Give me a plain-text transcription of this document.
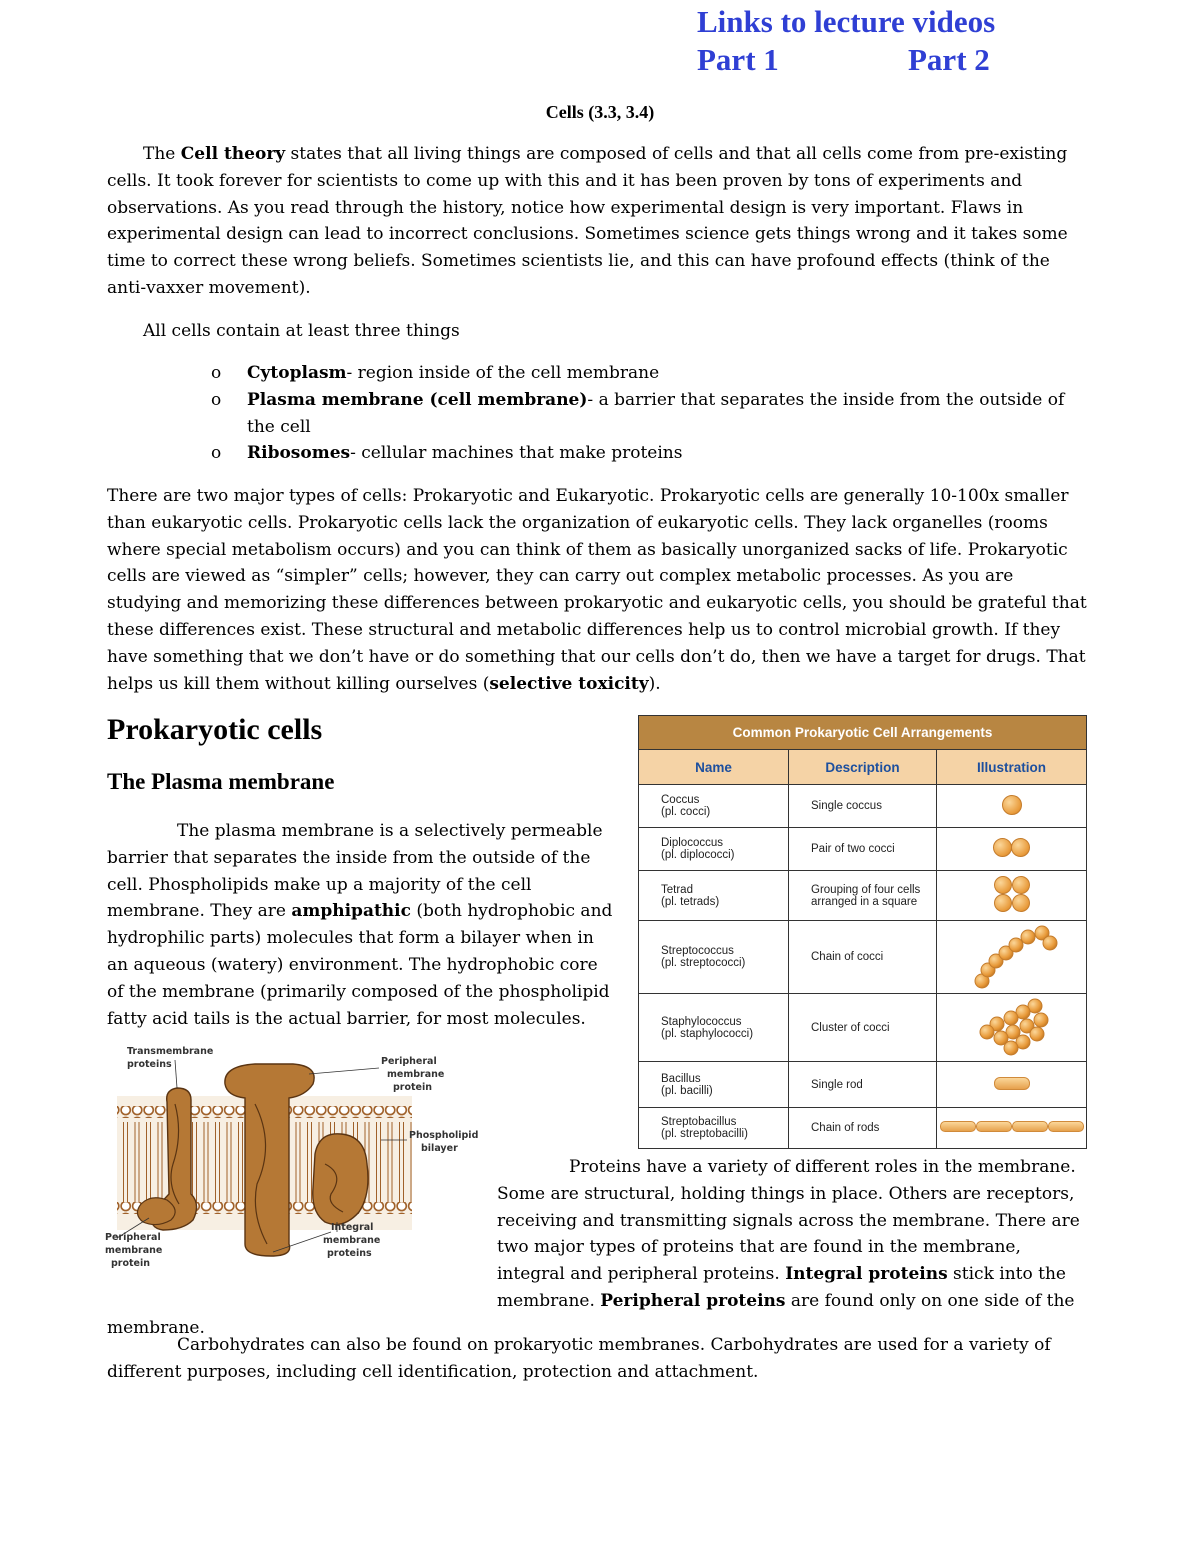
Links to lecture videos
Part 1	Part 2
Cells (3.3, 3.4)

The Cell theory states that all living things are composed of cells and that all cells come from pre-existing cells. It took forever for scientists to come up with this and it has been proven by tons of experiments and observations. As you read through the history, notice how experimental design is very important. Flaws in experimental design can lead to incorrect conclusions. Sometimes science gets things wrong and it takes some time to correct these wrong beliefs. Sometimes scientists lie, and this can have profound effects (think of the anti-vaxxer movement).

All cells contain at least three things
o Cytoplasm- region inside of the cell membrane
o Plasma membrane (cell membrane)- a barrier that separates the inside from the outside of the cell
o Ribosomes- cellular machines that make proteins

There are two major types of cells: Prokaryotic and Eukaryotic. Prokaryotic cells are generally 10-100x smaller than eukaryotic cells. Prokaryotic cells lack the organization of eukaryotic cells. They lack organelles (rooms where special metabolism occurs) and you can think of them as basically unorganized sacks of life. Prokaryotic cells are viewed as “simpler” cells; however, they can carry out complex metabolic processes. As you are studying and memorizing these differences between prokaryotic and eukaryotic cells, you should be grateful that these differences exist. These structural and metabolic differences help us to control microbial growth. If they have something that we don’t have or do something that our cells don’t do, then we have a target for drugs. That helps us kill them without killing ourselves (selective toxicity).

Prokaryotic cells
The Plasma membrane

The plasma membrane is a selectively permeable barrier that separates the inside from the outside of the cell. Phospholipids make up a majority of the cell membrane. They are amphipathic (both hydrophobic and hydrophilic parts) molecules that form a bilayer when in an aqueous (watery) environment. The hydrophobic core of the membrane (primarily composed of the phospholipid fatty acid tails is the actual barrier, for most molecules.

Transmembrane proteins	Peripheral membrane protein Phospholipid bilayer Integral membrane proteins Peripheral membrane protein
Common Prokaryotic Cell Arrangements		
Name	Description	Illustration
Coccus
(pl. cocci)	Single coccus	
Diplococcus
(pl. diplococci)	Pair of two cocci	
Tetrad
(pl. tetrads)	Grouping of four cells
arranged in a square	

Streptococcus
(pl. streptococci)	Chain of cocci	
Staphylococcus
(pl. staphylococci)	Cluster of cocci	
Bacillus
(pl. bacilli)	Single rod	
Streptobacillus
(pl. streptobacilli)	Chain of rods	

Proteins have a variety of different roles in the membrane. Some are structural, holding things in place. Others are receptors, receiving and transmitting signals across the membrane. There are two major types of proteins that are found in the membrane, integral and peripheral proteins. Integral proteins stick into the membrane. Peripheral proteins are found only on one side of the membrane.

Carbohydrates can also be found on prokaryotic membranes. Carbohydrates are used for a variety of different purposes, including cell identification, protection and attachment.
